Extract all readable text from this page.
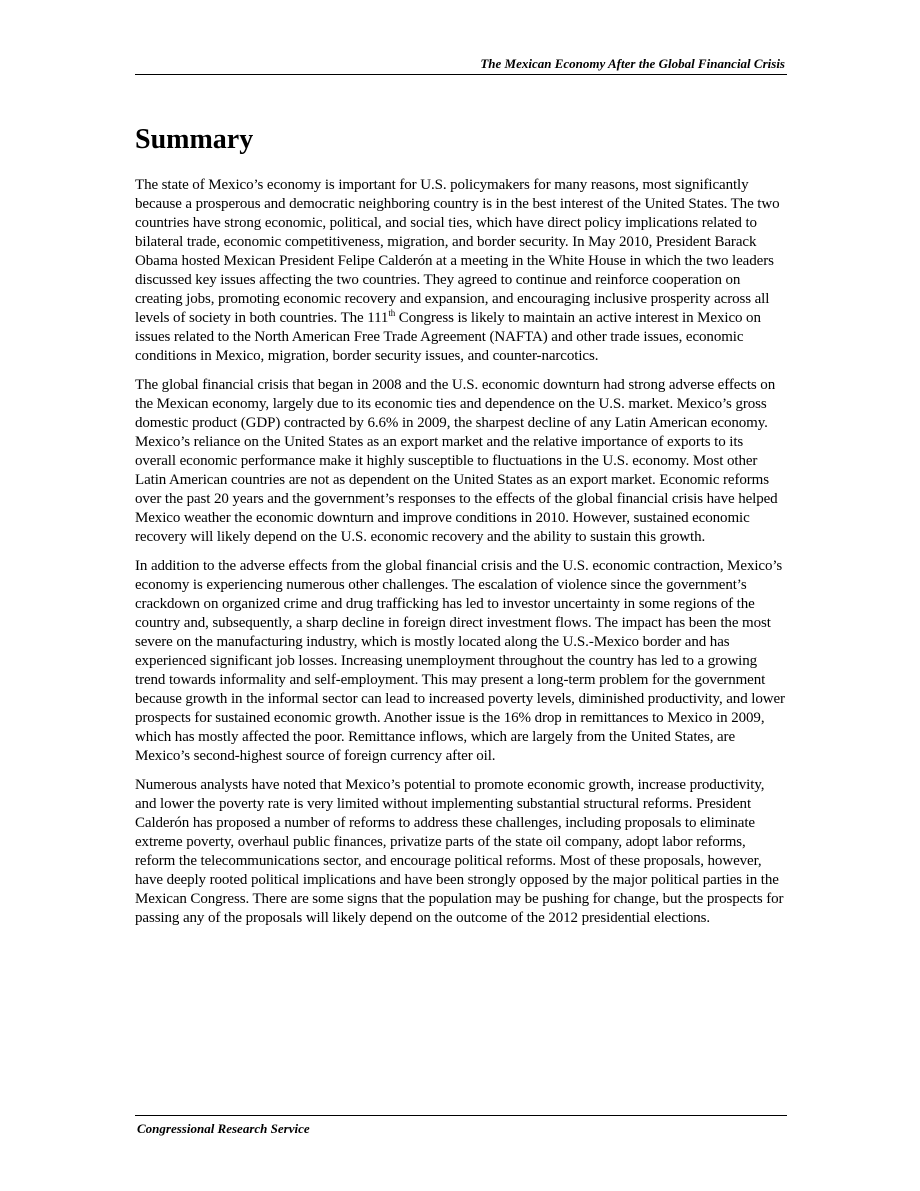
The Mexican Economy After the Global Financial Crisis
Summary

The state of Mexico’s economy is important for U.S. policymakers for many reasons, most significantly because a prosperous and democratic neighboring country is in the best interest of the United States. The two countries have strong economic, political, and social ties, which have direct policy implications related to bilateral trade, economic competitiveness, migration, and border security. In May 2010, President Barack Obama hosted Mexican President Felipe Calderón at a meeting in the White House in which the two leaders discussed key issues affecting the two countries. They agreed to continue and reinforce cooperation on creating jobs, promoting economic recovery and expansion, and encouraging inclusive prosperity across all levels of society in both countries. The 111th Congress is likely to maintain an active interest in Mexico on issues related to the North American Free Trade Agreement (NAFTA) and other trade issues, economic conditions in Mexico, migration, border security issues, and counter-narcotics.

The global financial crisis that began in 2008 and the U.S. economic downturn had strong adverse effects on the Mexican economy, largely due to its economic ties and dependence on the U.S. market. Mexico’s gross domestic product (GDP) contracted by 6.6% in 2009, the sharpest decline of any Latin American economy. Mexico’s reliance on the United States as an export market and the relative importance of exports to its overall economic performance make it highly susceptible to fluctuations in the U.S. economy. Most other Latin American countries are not as dependent on the United States as an export market. Economic reforms over the past 20 years and the government’s responses to the effects of the global financial crisis have helped Mexico weather the economic downturn and improve conditions in 2010. However, sustained economic recovery will likely depend on the U.S. economic recovery and the ability to sustain this growth.

In addition to the adverse effects from the global financial crisis and the U.S. economic contraction, Mexico’s economy is experiencing numerous other challenges. The escalation of violence since the government’s crackdown on organized crime and drug trafficking has led to investor uncertainty in some regions of the country and, subsequently, a sharp decline in foreign direct investment flows. The impact has been the most severe on the manufacturing industry, which is mostly located along the U.S.-Mexico border and has experienced significant job losses. Increasing unemployment throughout the country has led to a growing trend towards informality and self-employment. This may present a long-term problem for the government because growth in the informal sector can lead to increased poverty levels, diminished productivity, and lower prospects for sustained economic growth. Another issue is the 16% drop in remittances to Mexico in 2009, which has mostly affected the poor. Remittance inflows, which are largely from the United States, are Mexico’s second-highest source of foreign currency after oil.

Numerous analysts have noted that Mexico’s potential to promote economic growth, increase productivity, and lower the poverty rate is very limited without implementing substantial structural reforms. President Calderón has proposed a number of reforms to address these challenges, including proposals to eliminate extreme poverty, overhaul public finances, privatize parts of the state oil company, adopt labor reforms, reform the telecommunications sector, and encourage political reforms. Most of these proposals, however, have deeply rooted political implications and have been strongly opposed by the major political parties in the Mexican Congress. There are some signs that the population may be pushing for change, but the prospects for passing any of the proposals will likely depend on the outcome of the 2012 presidential elections.

Congressional Research Service
